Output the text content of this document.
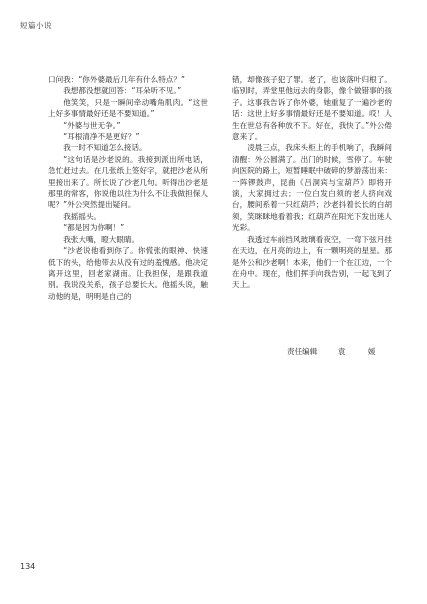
短篇小说

口问我：“你外婆最后几年有什么特点？”

我想都没想就回答：“耳朵听不见。”

他笑笑，只是一瞬间牵动嘴角肌肉。“这世上好多事情最好还是不要知道。”

“外婆与世无争。”

“耳根清净不是更好？”

我一时不知道怎么接话。

“这句话是沙老说的。我接到派出所电话，急忙赶过去。在几张纸上签好字，就把沙老从所里接出来了。所长说了沙老几句。听得出沙老是那里的常客，你说他以往为什么不让我做担保人呢？”外公突然提出疑问。

我摇摇头。

“都是因为你啊！”

我张大嘴，瞪大眼睛。

“沙老说他看到你了。你慌张的眼神、快速低下的头，给他带去从没有过的羞愧感。他决定离开这里，回老家湖南。让我担保，是跟我道别。我说没关系，孩子总要长大。他摇头说，触动他的是，明明是自己的

错，却像孩子犯了罪。老了，也该落叶归根了。临别时，弄堂里他远去的身影，像个做错事的孩子。这事我告诉了你外婆，她重复了一遍沙老的话：这世上好多事情最好还是不要知道。哎！人生在世总有各种放不下。好在，我快了。”外公倦意来了。

凌晨三点，我床头柜上的手机响了，我瞬间清醒：外公圆满了。出门的时候，雪停了。车驶向医院的路上，短暂睡眠中破碎的梦游荡出来：一阵锣鼓声，昆曲《吕洞宾与宝葫芦》即将开演，大家拥过去；一位白发白须的老人挤向戏台，腰间系着一只红葫芦；沙老抖着长长的白胡须，笑眯眯地看着我；红葫芦在阳光下发出迷人光彩。

我透过车前挡风玻璃看夜空，一弯下弦月挂在天边，在月亮的边上，有一颗明亮的星星。那是外公和沙老啊！本来，他们一个在江边，一个在舟中。现在，他们挥手向我告别，一起飞到了天上。

责任编辑	袁	媛
134
